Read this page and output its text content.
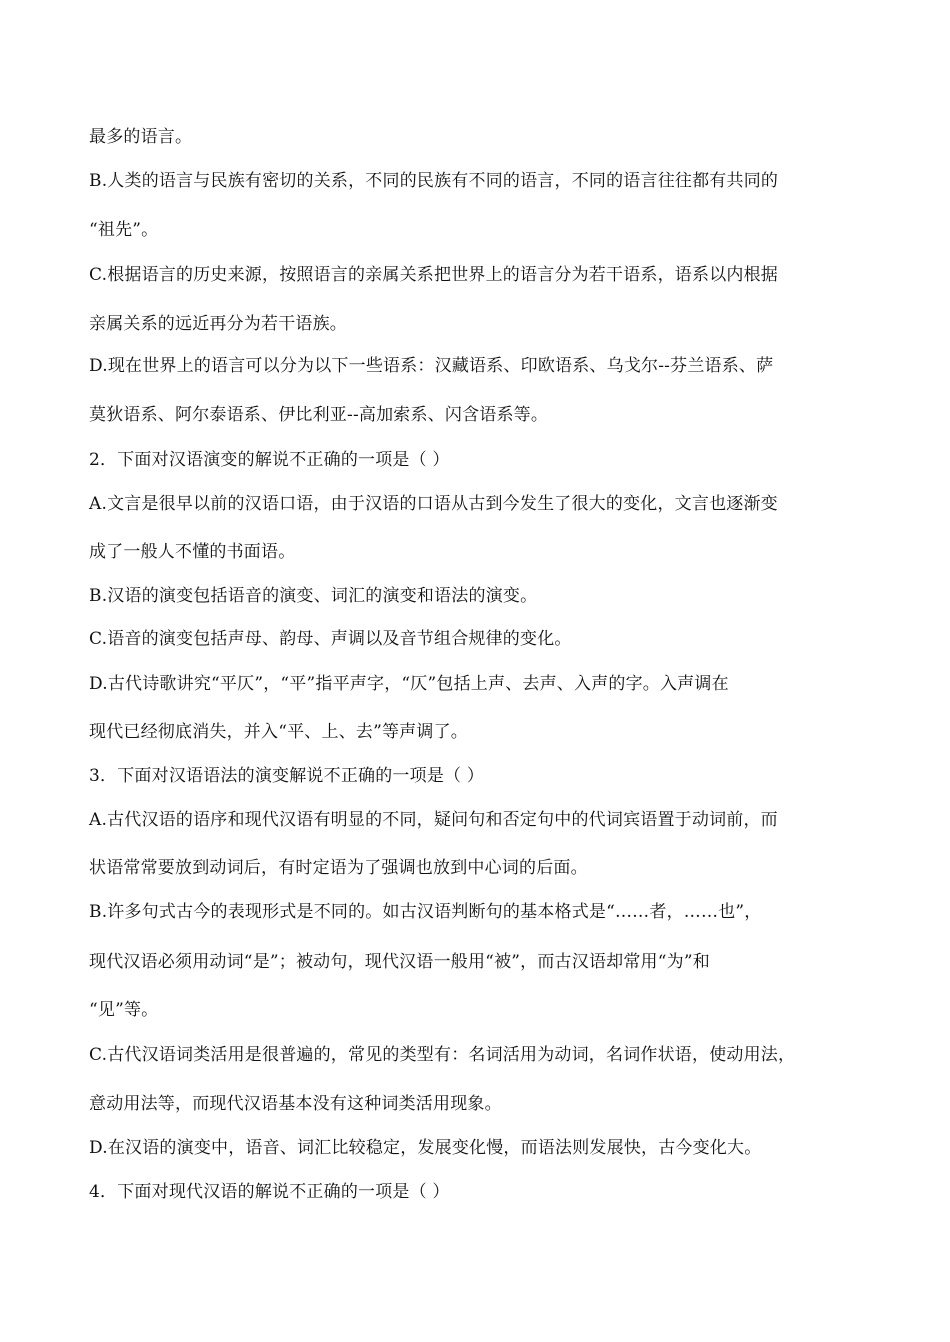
最多的语言。
B.人类的语言与民族有密切的关系，不同的民族有不同的语言，不同的语言往往都有共同的
“祖先”。
C.根据语言的历史来源，按照语言的亲属关系把世界上的语言分为若干语系，语系以内根据
亲属关系的远近再分为若干语族。
D.现在世界上的语言可以分为以下一些语系：汉藏语系、印欧语系、乌戈尔--芬兰语系、萨
莫狄语系、阿尔泰语系、伊比利亚--高加索系、闪含语系等。
2．下面对汉语演变的解说不正确的一项是（ ）
A.文言是很早以前的汉语口语，由于汉语的口语从古到今发生了很大的变化，文言也逐渐变
成了一般人不懂的书面语。
B.汉语的演变包括语音的演变、词汇的演变和语法的演变。
C.语音的演变包括声母、韵母、声调以及音节组合规律的变化。
D.古代诗歌讲究“平仄”，“平”指平声字，“仄”包括上声、去声、入声的字。入声调在
现代已经彻底消失，并入“平、上、去”等声调了。
3．下面对汉语语法的演变解说不正确的一项是（ ）
A.古代汉语的语序和现代汉语有明显的不同，疑问句和否定句中的代词宾语置于动词前，而
状语常常要放到动词后，有时定语为了强调也放到中心词的后面。
B.许多句式古今的表现形式是不同的。如古汉语判断句的基本格式是“……者，……也”，
现代汉语必须用动词“是”；被动句，现代汉语一般用“被”，而古汉语却常用“为”和
“见”等。
C.古代汉语词类活用是很普遍的，常见的类型有：名词活用为动词，名词作状语，使动用法，
意动用法等，而现代汉语基本没有这种词类活用现象。
D.在汉语的演变中，语音、词汇比较稳定，发展变化慢，而语法则发展快，古今变化大。
4．下面对现代汉语的解说不正确的一项是（ ）
